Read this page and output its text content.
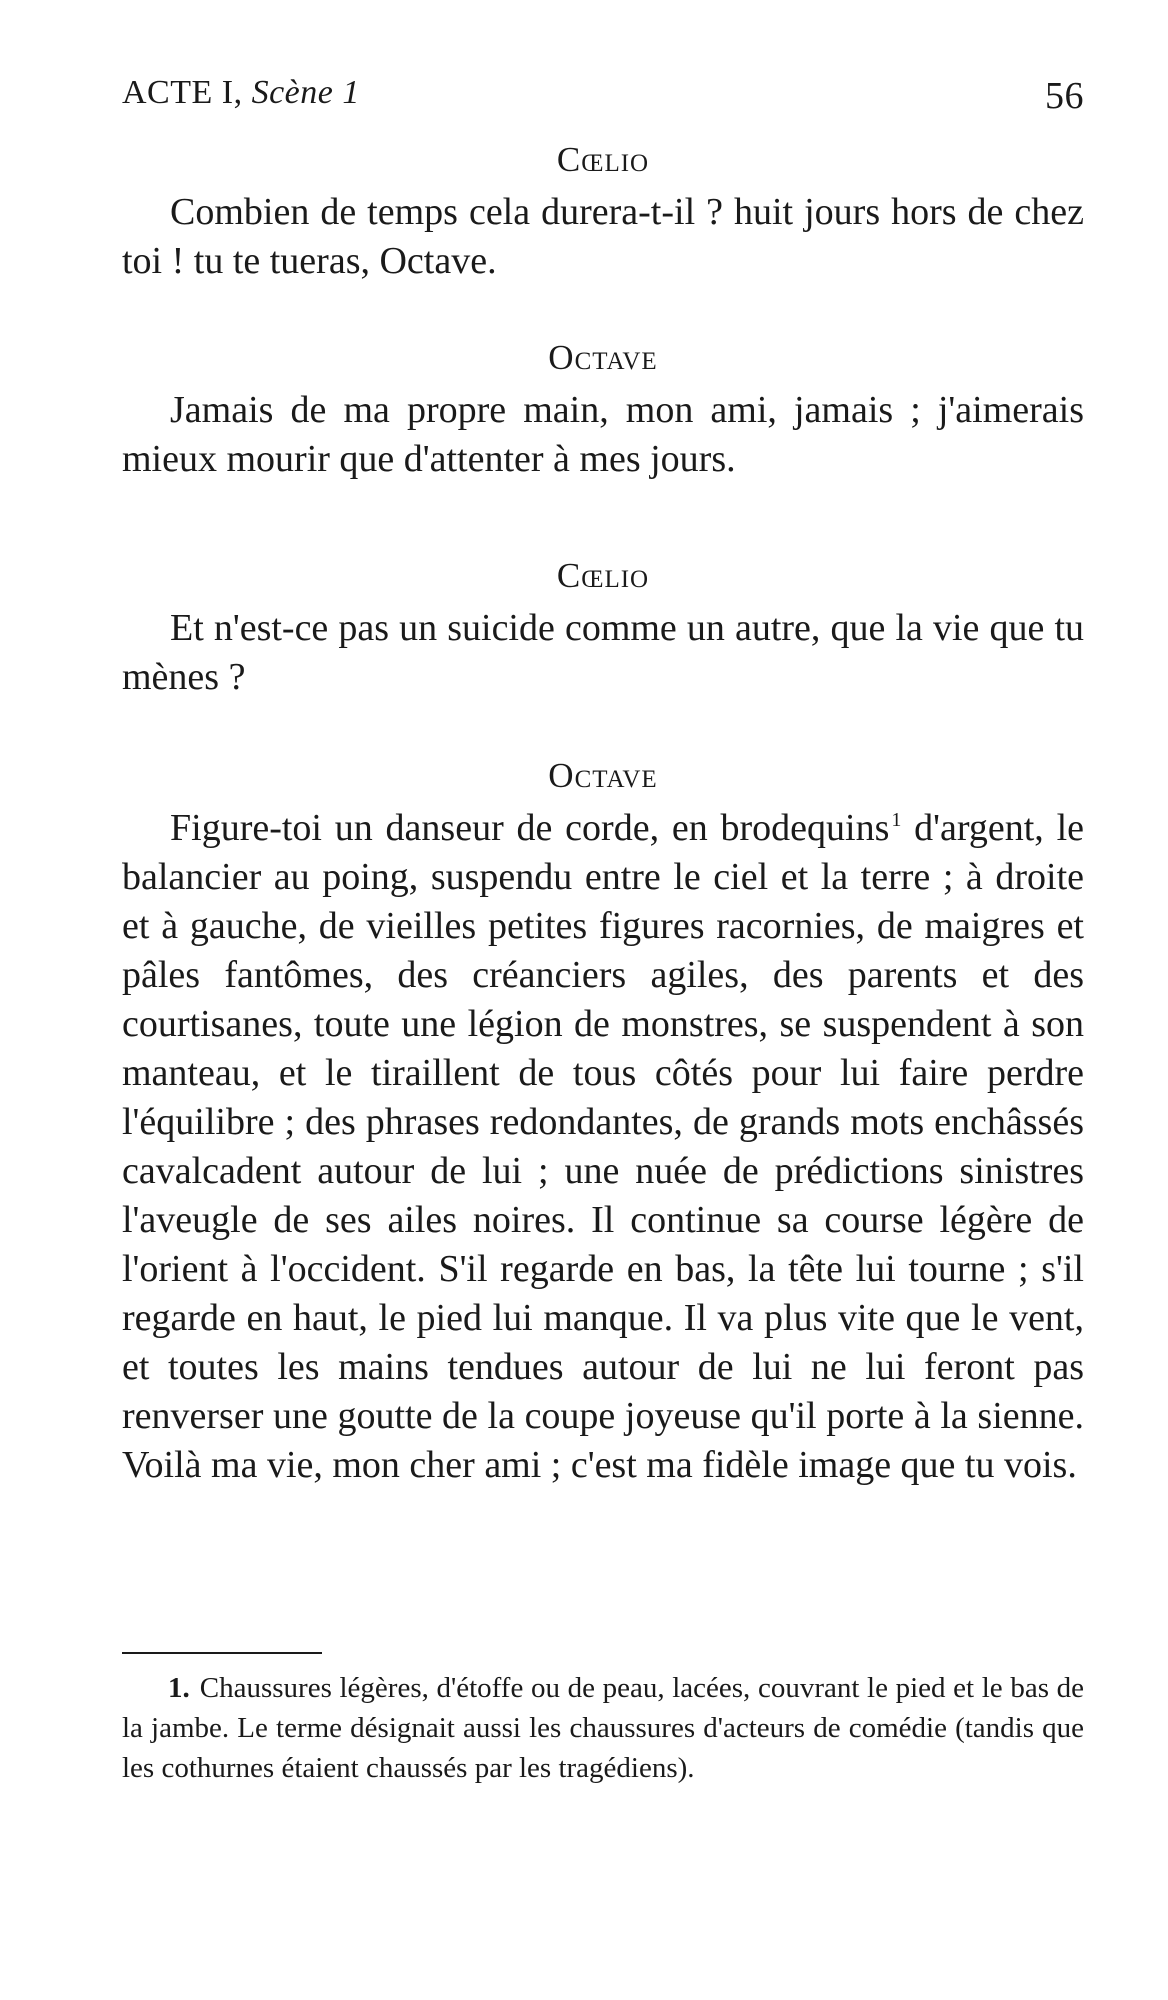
ACTE I, Scène 1	56

Cœlio

Combien de temps cela durera-t-il ? huit jours hors de chez toi ! tu te tueras, Octave.

Octave

Jamais de ma propre main, mon ami, jamais ; j'aimerais mieux mourir que d'attenter à mes jours.

Cœlio

Et n'est-ce pas un suicide comme un autre, que la vie que tu mènes ?

Octave

Figure-toi un danseur de corde, en brodequins $^1$ d'argent, le balancier au poing, suspendu entre le ciel et la terre ; à droite et à gauche, de vieilles petites figures racornies, de maigres et pâles fantômes, des créanciers agiles, des parents et des courtisanes, toute une légion de monstres, se suspendent à son manteau, et le tiraillent de tous côtés pour lui faire perdre l'équilibre ; des phrases redondantes, de grands mots enchâssés cavalcadent autour de lui ; une nuée de prédictions sinistres l'aveugle de ses ailes noires. Il continue sa course légère de l'orient à l'occident. S'il regarde en bas, la tête lui tourne ; s'il regarde en haut, le pied lui manque. Il va plus vite que le vent, et toutes les mains tendues autour de lui ne lui feront pas renverser une goutte de la coupe joyeuse qu'il porte à la sienne. Voilà ma vie, mon cher ami ; c'est ma fidèle image que tu vois.

1. Chaussures légères, d'étoffe ou de peau, lacées, couvrant le pied et le bas de la jambe. Le terme désignait aussi les chaussures d'acteurs de comédie (tandis que les cothurnes étaient chaussés par les tragédiens).
